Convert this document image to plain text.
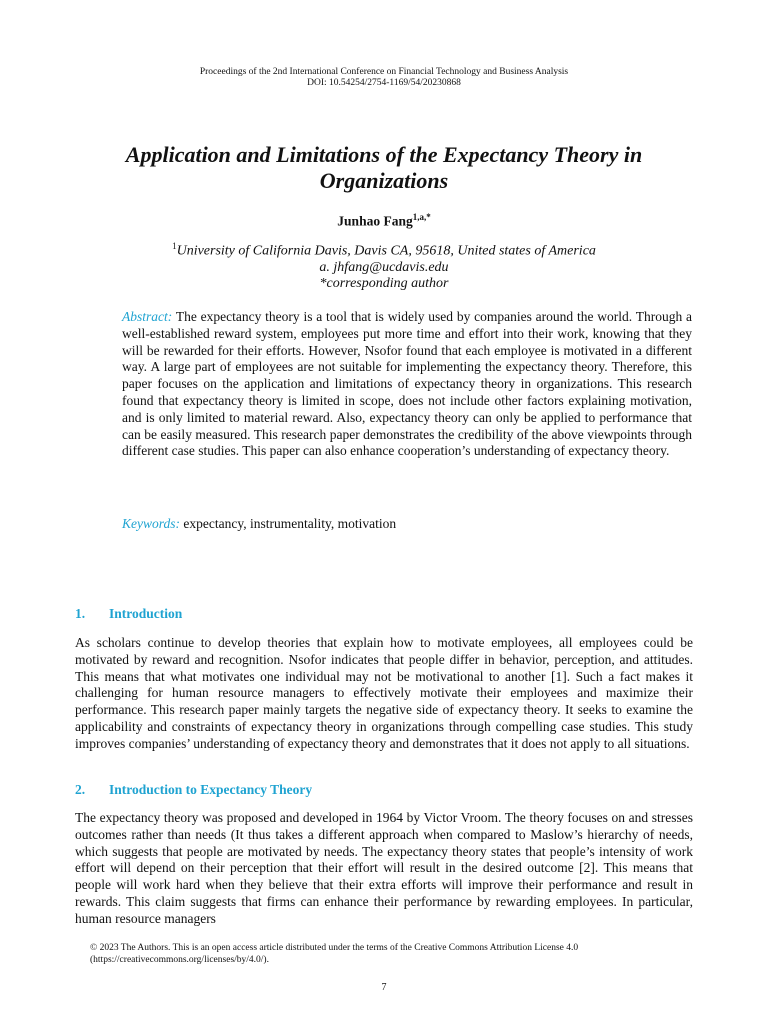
Proceedings of the 2nd International Conference on Financial Technology and Business Analysis
DOI: 10.54254/2754-1169/54/20230868
Application and Limitations of the Expectancy Theory in
Organizations
Junhao Fang$^{1,a,*}$
$^1$University of California Davis, Davis CA, 95618, United states of America
a. jhfang@ucdavis.edu
*corresponding author
Abstract: The expectancy theory is a tool that is widely used by companies around the world. Through a well-established reward system, employees put more time and effort into their work, knowing that they will be rewarded for their efforts. However, Nsofor found that each employee is motivated in a different way. A large part of employees are not suitable for implementing the expectancy theory. Therefore, this paper focuses on the application and limitations of expectancy theory in organizations. This research found that expectancy theory is limited in scope, does not include other factors explaining motivation, and is only limited to material reward. Also, expectancy theory can only be applied to performance that can be easily measured. This research paper demonstrates the credibility of the above viewpoints through different case studies. This paper can also enhance cooperation’s understanding of expectancy theory.
Keywords: expectancy, instrumentality, motivation
1. Introduction
As scholars continue to develop theories that explain how to motivate employees, all employees could be motivated by reward and recognition. Nsofor indicates that people differ in behavior, perception, and attitudes. This means that what motivates one individual may not be motivational to another [1]. Such a fact makes it challenging for human resource managers to effectively motivate their employees and maximize their performance. This research paper mainly targets the negative side of expectancy theory. It seeks to examine the applicability and constraints of expectancy theory in organizations through compelling case studies. This study improves companies’ understanding of expectancy theory and demonstrates that it does not apply to all situations.
2. Introduction to Expectancy Theory
The expectancy theory was proposed and developed in 1964 by Victor Vroom. The theory focuses on and stresses outcomes rather than needs (It thus takes a different approach when compared to Maslow’s hierarchy of needs, which suggests that people are motivated by needs. The expectancy theory states that people’s intensity of work effort will depend on their perception that their effort will result in the desired outcome [2]. This means that people will work hard when they believe that their extra efforts will improve their performance and result in rewards. This claim suggests that firms can enhance their performance by rewarding employees. In particular, human resource managers
© 2023 The Authors. This is an open access article distributed under the terms of the Creative Commons Attribution License 4.0
(https://creativecommons.org/licenses/by/4.0/).
7
